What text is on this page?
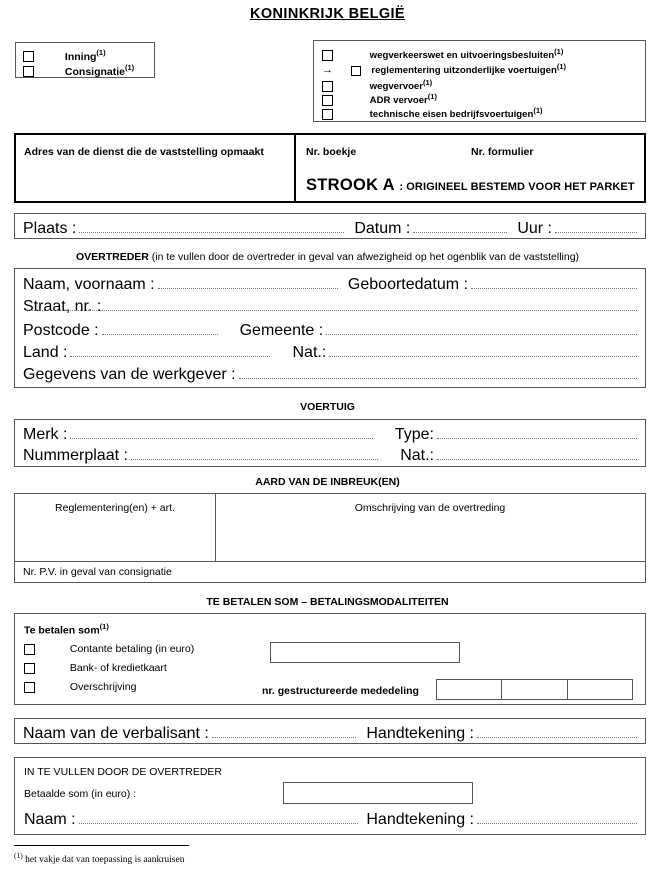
KONINKRIJK BELGIË
Inning$^{(1)}$
Consignatie$^{(1)}$
wegverkeerswet en uitvoeringsbesluiten$^{(1)}$
→	reglementering uitzonderlijke voertuigen$^{(1)}$
wegvervoer$^{(1)}$
ADR vervoer$^{(1)}$
technische eisen bedrijfsvoertuigen$^{(1)}$
Adres van de dienst die de vaststelling opmaakt	Nr. boekje	Nr. formulier
STROOK A : ORIGINEEL BESTEMD VOOR HET PARKET
Plaats :	Datum :	Uur :
OVERTREDER (in te vullen door de overtreder in geval van afwezigheid op het ogenblik van de vaststelling)
Naam, voornaam :	Geboortedatum :
Straat, nr. :
Postcode :	Gemeente :
Land :	Nat.:
Gegevens van de werkgever :
VOERTUIG
Merk :	Type:
Nummerplaat :	Nat.:
AARD VAN DE INBREUK(EN)
Reglementering(en) + art.	Omschrijving van de overtreding
Nr. P.V. in geval van consignatie
TE BETALEN SOM – BETALINGSMODALITEITEN
Te betalen som$^{(1)}$
Contante betaling (in euro)
Bank- of kredietkaart
Overschrijving	nr. gestructureerde mededeling
Naam van de verbalisant :	Handtekening :
IN TE VULLEN DOOR DE OVERTREDER
Betaalde som (in euro) :
Naam :	Handtekening :
$^{(1)}$ het vakje dat van toepassing is aankruisen
